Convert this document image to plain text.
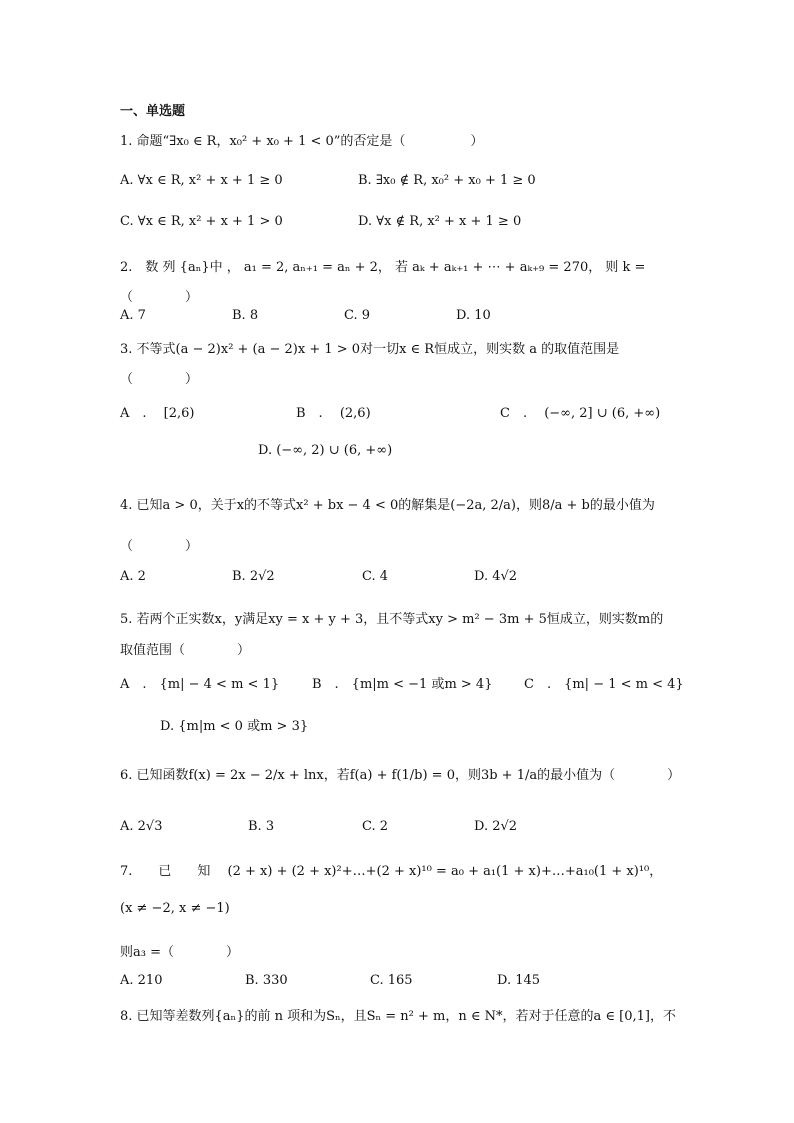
一、单选题
1. 命题“∃x₀ ∈ R，x₀² + x₀ + 1 < 0”的否定是（　　　　　）
A. ∀x ∈ R, x² + x + 1 ≥ 0	B. ∃x₀ ∉ R, x₀² + x₀ + 1 ≥ 0
C. ∀x ∈ R, x² + x + 1 > 0	D. ∀x ∉ R, x² + x + 1 ≥ 0
2.　数 列 {aₙ}中 ， a₁ = 2, aₙ₊₁ = aₙ + 2， 若 aₖ + aₖ₊₁ + ⋯ + aₖ₊₉ = 270， 则 k =
（　　　　）
A. 7	B. 8	C. 9	D. 10
3. 不等式(a − 2)x² + (a − 2)x + 1 > 0对一切x ∈ R恒成立，则实数 a 的取值范围是
（　　　　）
A　.　 [2,6)	B　.　 (2,6)	C　.　 (−∞, 2] ∪ (6, +∞)
D. (−∞, 2) ∪ (6, +∞)
4. 已知a > 0，关于x的不等式x² + bx − 4 < 0的解集是(−2a, 2/a)，则8/a + b的最小值为
（　　　　）
A. 2	B. 2√2	C. 4	D. 4√2
5. 若两个正实数x，y满足xy = x + y + 3，且不等式xy > m² − 3m + 5恒成立，则实数m的
取值范围（　　　　）
A　.　{m| − 4 < m < 1}	B　.　{m|m < −1 或m > 4} C　.　{m| − 1 < m < 4}
D. {m|m < 0 或m > 3}
6. 已知函数f(x) = 2x − 2/x + lnx，若f(a) + f(1/b) = 0，则3b + 1/a的最小值为（　　　　）
A. 2√3	B. 3	C. 2	D. 2√2
7.　　已　　知　 (2 + x) + (2 + x)²+…+(2 + x)¹⁰ = a₀ + a₁(1 + x)+…+a₁₀(1 + x)¹⁰，
(x ≠ −2, x ≠ −1)
则a₃ =（　　　　）
A. 210	B. 330	C. 165	D. 145
8. 已知等差数列{aₙ}的前 n 项和为Sₙ，且Sₙ = n² + m，n ∈ N*，若对于任意的a ∈ [0,1]，不
